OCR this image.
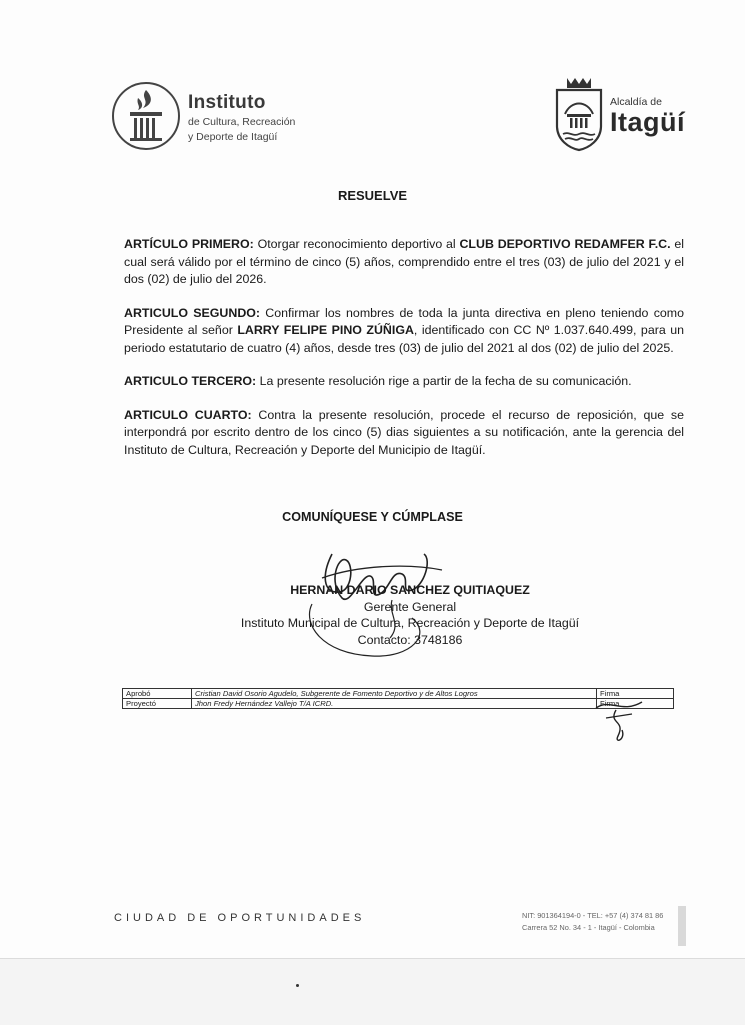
Instituto
de Cultura, Recreación
y Deporte de Itagüí
Alcaldía de
Itagüí
RESUELVE

ARTÍCULO PRIMERO: Otorgar reconocimiento deportivo al CLUB DEPORTIVO REDAMFER F.C. el cual será válido por el término de cinco (5) años, comprendido entre el tres (03) de julio del 2021 y el dos (02) de julio del 2026.

ARTICULO SEGUNDO: Confirmar los nombres de toda la junta directiva en pleno teniendo como Presidente al señor LARRY FELIPE PINO ZÚÑIGA, identificado con CC Nº 1.037.640.499, para un periodo estatutario de cuatro (4) años, desde tres (03) de julio del 2021 al dos (02) de julio del 2025.

ARTICULO TERCERO: La presente resolución rige a partir de la fecha de su comunicación.

ARTICULO CUARTO: Contra la presente resolución, procede el recurso de reposición, que se interpondrá por escrito dentro de los cinco (5) dias siguientes a su notificación, ante la gerencia del Instituto de Cultura, Recreación y Deporte del Municipio de Itagüí.

COMUNÍQUESE Y CÚMPLASE
HERNAN DARIO SANCHEZ QUITIAQUEZ
Gerente General
Instituto Municipal de Cultura, Recreación y Deporte de Itagüí
Contacto: 3748186
Aprobó	Cristian David Osorio Agudelo, Subgerente de Fomento Deportivo y de Altos Logros	Firma
Proyectó	Jhon Fredy Hernández Vallejo T/A ICRD.	Firma
CIUDAD DE OPORTUNIDADES	NIT: 901364194-0 - TEL: +57 (4) 374 81 86
Carrera 52 No. 34 - 1 - Itagüí - Colombia
